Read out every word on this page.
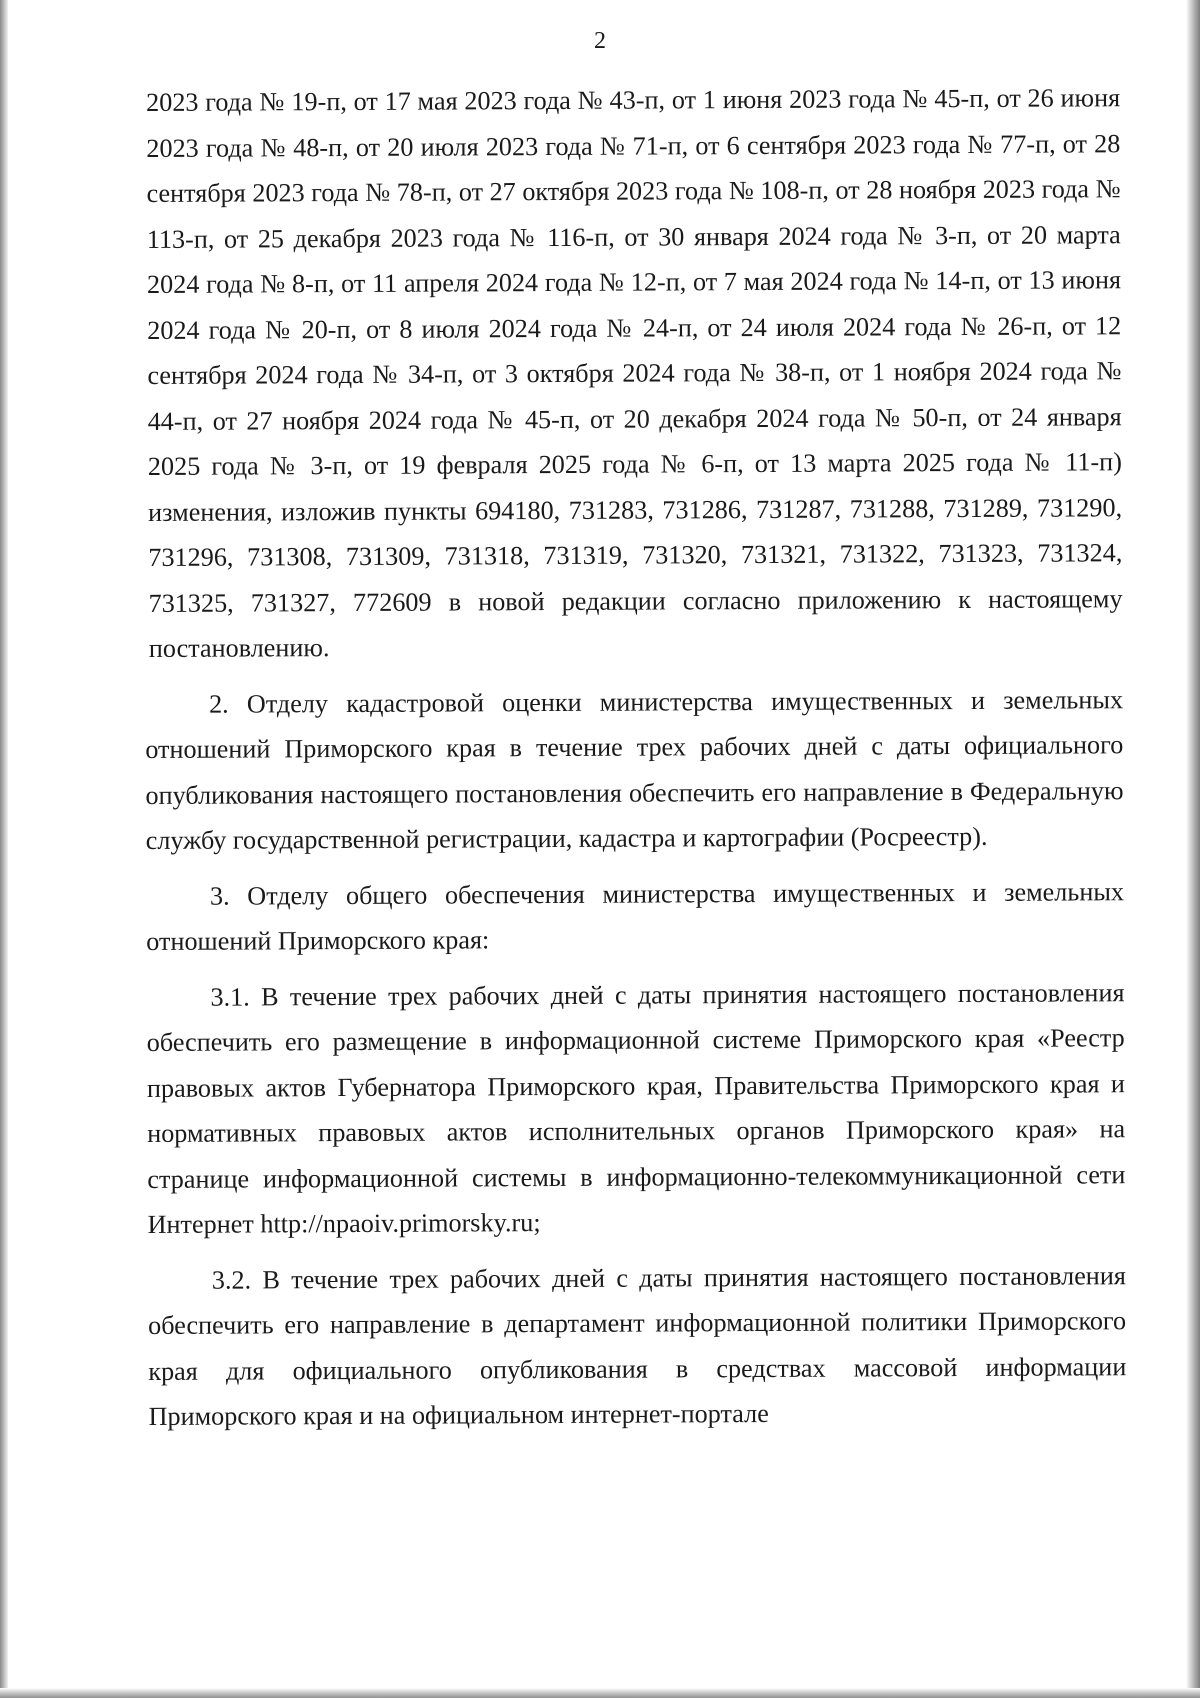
2

2023 года № 19-п, от 17 мая 2023 года № 43-п, от 1 июня 2023 года № 45-п, от 26 июня 2023 года № 48-п, от 20 июля 2023 года № 71-п, от 6 сентября 2023 года № 77-п, от 28 сентября 2023 года № 78-п, от 27 октября 2023 года № 108-п, от 28 ноября 2023 года № 113-п, от 25 декабря 2023 года № 116-п, от 30 января 2024 года № 3-п, от 20 марта 2024 года № 8-п, от 11 апреля 2024 года № 12-п, от 7 мая 2024 года № 14-п, от 13 июня 2024 года № 20-п, от 8 июля 2024 года № 24-п, от 24 июля 2024 года № 26-п, от 12 сентября 2024 года № 34-п, от 3 октября 2024 года № 38-п, от 1 ноября 2024 года № 44-п, от 27 ноября 2024 года № 45-п, от 20 декабря 2024 года № 50-п, от 24 января 2025 года № 3-п, от 19 февраля 2025 года № 6-п, от 13 марта 2025 года № 11-п) изменения, изложив пункты 694180, 731283, 731286, 731287, 731288, 731289, 731290, 731296, 731308, 731309, 731318, 731319, 731320, 731321, 731322, 731323, 731324, 731325, 731327, 772609 в новой редакции согласно приложению к настоящему постановлению.

2. Отделу кадастровой оценки министерства имущественных и земельных отношений Приморского края в течение трех рабочих дней с даты официального опубликования настоящего постановления обеспечить его направление в Федеральную службу государственной регистрации, кадастра и картографии (Росреестр).

3. Отделу общего обеспечения министерства имущественных и земельных отношений Приморского края:

3.1. В течение трех рабочих дней с даты принятия настоящего постановления обеспечить его размещение в информационной системе Приморского края «Реестр правовых актов Губернатора Приморского края, Правительства Приморского края и нормативных правовых актов исполнительных органов Приморского края» на странице информационной системы в информационно-телекоммуникационной сети Интернет http://npaoiv.primorsky.ru;

3.2. В течение трех рабочих дней с даты принятия настоящего постановления обеспечить его направление в департамент информационной политики Приморского края для официального опубликования в средствах массовой информации Приморского края и на официальном интернет-портале
